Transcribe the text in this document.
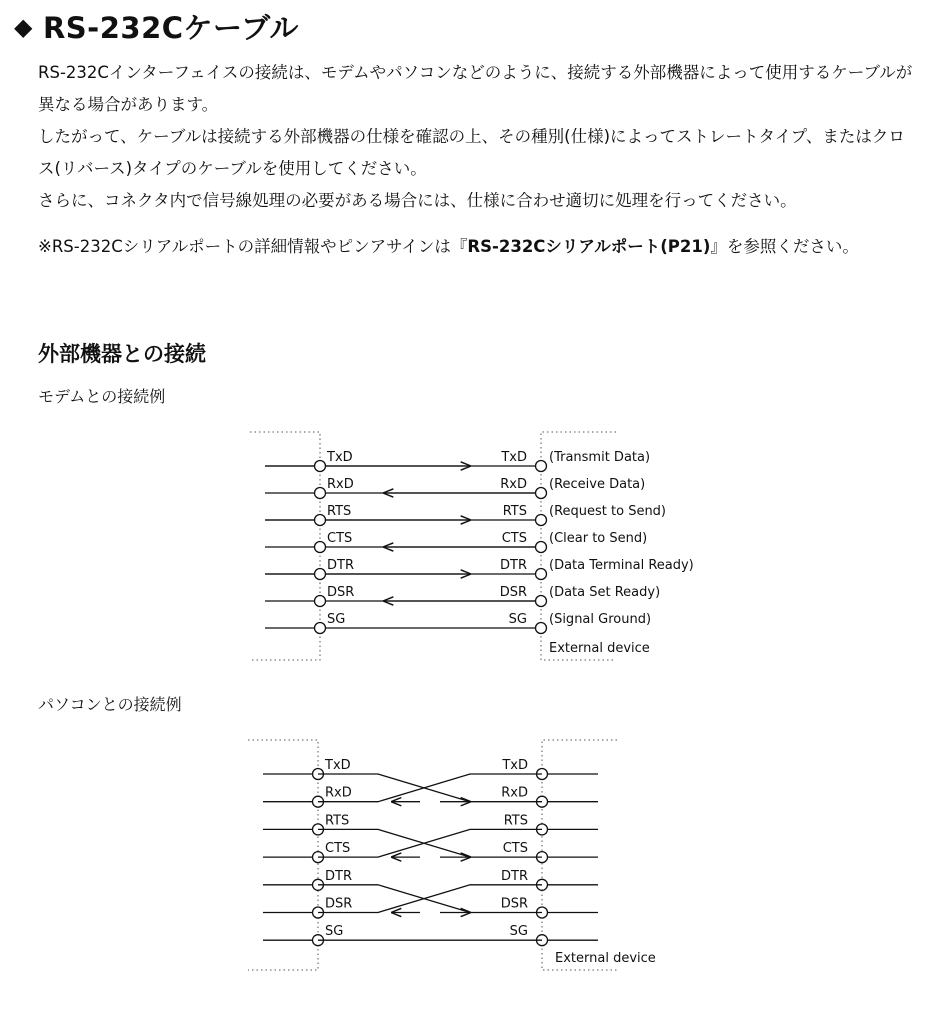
◆ RS-232Cケーブル

RS-232Cインターフェイスの接続は、モデムやパソコンなどのように、接続する外部機器によって使用するケーブルが異なる場合があります。

したがって、ケーブルは接続する外部機器の仕様を確認の上、その種別(仕様)によってストレートタイプ、またはクロス(リバース)タイプのケーブルを使用してください。

さらに、コネクタ内で信号線処理の必要がある場合には、仕様に合わせ適切に処理を行ってください。

※RS-232Cシリアルポートの詳細情報やピンアサインは『RS-232Cシリアルポート(P21)』を参照ください。

外部機器との接続

モデムとの接続例

パソコンとの接続例

TxD	TxD (Transmit Data)
RxD	RxD (Receive Data)
RTS	RTS (Request to Send)
CTS	CTS (Clear to Send)
DTR	DTR (Data Terminal Ready)
DSR	DSR (Data Set Ready)
SG	SG (Signal Ground)
External device
TxD	TxD
RxD	RxD
RTS	RTS
CTS	CTS
DTR	DTR
DSR	DSR
SG	SG
External device
